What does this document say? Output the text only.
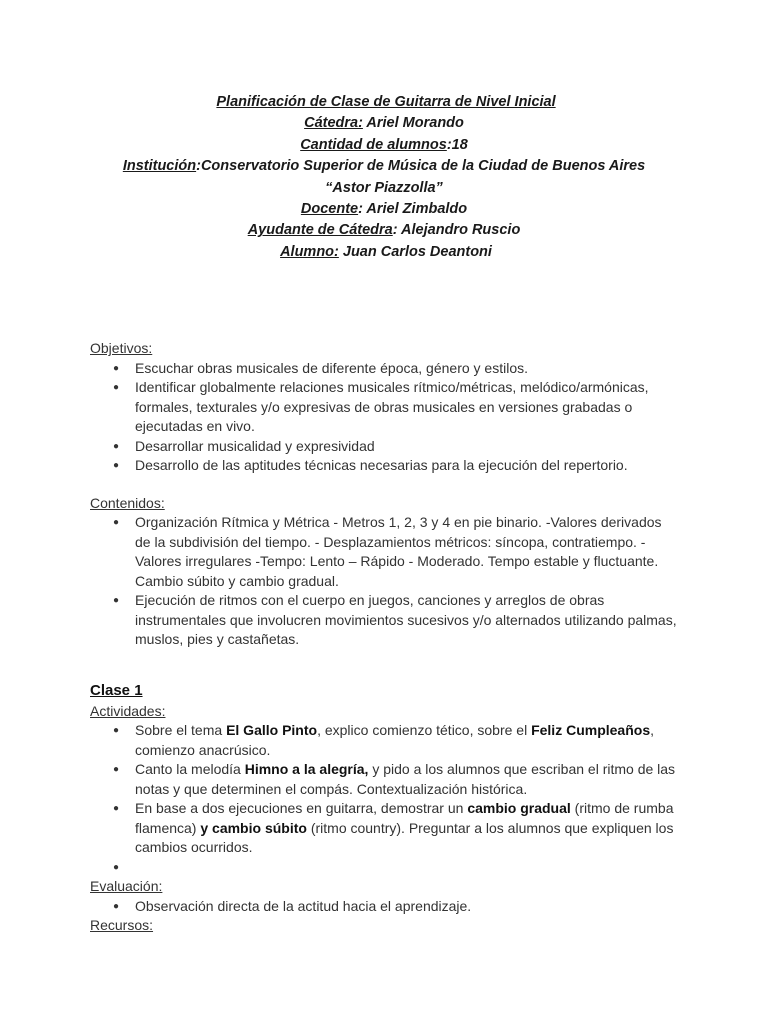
Planificación de Clase de Guitarra de Nivel Inicial
Cátedra: Ariel Morando
Cantidad de alumnos:18
Institución:Conservatorio Superior de Música de la Ciudad de Buenos Aires
“Astor Piazzolla”
Docente: Ariel Zimbaldo
Ayudante de Cátedra: Alejandro Ruscio
Alumno: Juan Carlos Deantoni
Objetivos:
● Escuchar obras musicales de diferente época, género y estilos.
● Identificar globalmente relaciones musicales rítmico/métricas, melódico/armónicas, formales, texturales y/o expresivas de obras musicales en versiones grabadas o ejecutadas en vivo.
● Desarrollar musicalidad y expresividad
● Desarrollo de las aptitudes técnicas necesarias para la ejecución del repertorio.
Contenidos:
● Organización Rítmica y Métrica - Metros 1, 2, 3 y 4 en pie binario. -Valores derivados de la subdivisión del tiempo. - Desplazamientos métricos: síncopa, contratiempo. - Valores irregulares -Tempo: Lento – Rápido - Moderado. Tempo estable y fluctuante. Cambio súbito y cambio gradual.
● Ejecución de ritmos con el cuerpo en juegos, canciones y arreglos de obras instrumentales que involucren movimientos sucesivos y/o alternados utilizando palmas, muslos, pies y castañetas.
Clase 1
Actividades:
● Sobre el tema El Gallo Pinto, explico comienzo tético, sobre el Feliz Cumpleaños, comienzo anacrúsico.
● Canto la melodía Himno a la alegría, y pido a los alumnos que escriban el ritmo de las notas y que determinen el compás. Contextualización histórica.
● En base a dos ejecuciones en guitarra, demostrar un cambio gradual (ritmo de rumba flamenca) y cambio súbito (ritmo country). Preguntar a los alumnos que expliquen los cambios ocurridos.
●
Evaluación:
● Observación directa de la actitud hacia el aprendizaje.
Recursos:
